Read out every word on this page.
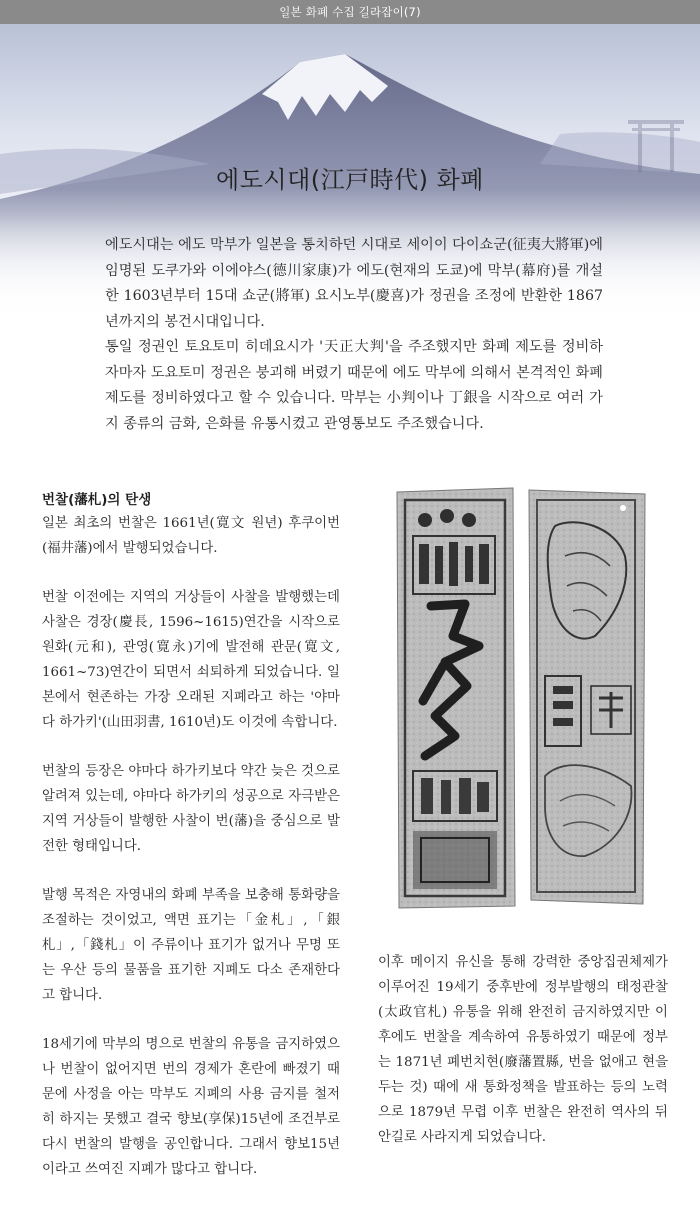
일본 화폐 수집 길라잡이(7)
에도시대(江戸時代) 화폐

에도시대는 에도 막부가 일본을 통치하던 시대로 세이이 다이쇼군(征夷大將軍)에 임명된 도쿠가와 이에야스(德川家康)가 에도(현재의 도쿄)에 막부(幕府)를 개설한 1603년부터 15대 쇼군(將軍) 요시노부(慶喜)가 정권을 조정에 반환한 1867년까지의 봉건시대입니다.

통일 정권인 토요토미 히데요시가 '天正大判'을 주조했지만 화폐 제도를 정비하자마자 도요토미 정권은 붕괴해 버렸기 때문에 에도 막부에 의해서 본격적인 화폐 제도를 정비하였다고 할 수 있습니다. 막부는 小判이나 丁銀을 시작으로 여러 가지 종류의 금화, 은화를 유통시켰고 관영통보도 주조했습니다.

번찰(藩札)의 탄생

일본 최초의 번찰은 1661년(寛文 원년) 후쿠이번(福井藩)에서 발행되었습니다.

번찰 이전에는 지역의 거상들이 사찰을 발행했는데 사찰은 경장(慶長, 1596~1615)연간을 시작으로 원화(元和), 관영(寛永)기에 발전해 관문(寛文, 1661~73)연간이 되면서 쇠퇴하게 되었습니다. 일본에서 현존하는 가장 오래된 지폐라고 하는 '야마다 하가키'(山田羽書, 1610년)도 이것에 속합니다.

번찰의 등장은 야마다 하가키보다 약간 늦은 것으로 알려져 있는데, 야마다 하가키의 성공으로 자극받은 지역 거상들이 발행한 사찰이 번(藩)을 중심으로 발전한 형태입니다.

발행 목적은 자영내의 화폐 부족을 보충해 통화량을 조절하는 것이었고, 액면 표기는「金札」,「銀札」,「錢札」이 주류이나 표기가 없거나 무명 또는 우산 등의 물품을 표기한 지폐도 다소 존재한다고 합니다.

18세기에 막부의 명으로 번찰의 유통을 금지하였으나 번찰이 없어지면 번의 경제가 혼란에 빠졌기 때문에 사정을 아는 막부도 지폐의 사용 금지를 철저히 하지는 못했고 결국 향보(享保)15년에 조건부로 다시 번찰의 발행을 공인합니다. 그래서 향보15년이라고 쓰여진 지폐가 많다고 합니다.

이후 메이지 유신을 통해 강력한 중앙집권체제가 이루어진 19세기 중후반에 정부발행의 태정관찰(太政官札) 유통을 위해 완전히 금지하였지만 이후에도 번찰을 계속하여 유통하였기 때문에 정부는 1871년 폐번치현(廢藩置縣, 번을 없애고 현을 두는 것) 때에 새 통화정책을 발표하는 등의 노력으로 1879년 무렵 이후 번찰은 완전히 역사의 뒤안길로 사라지게 되었습니다.
